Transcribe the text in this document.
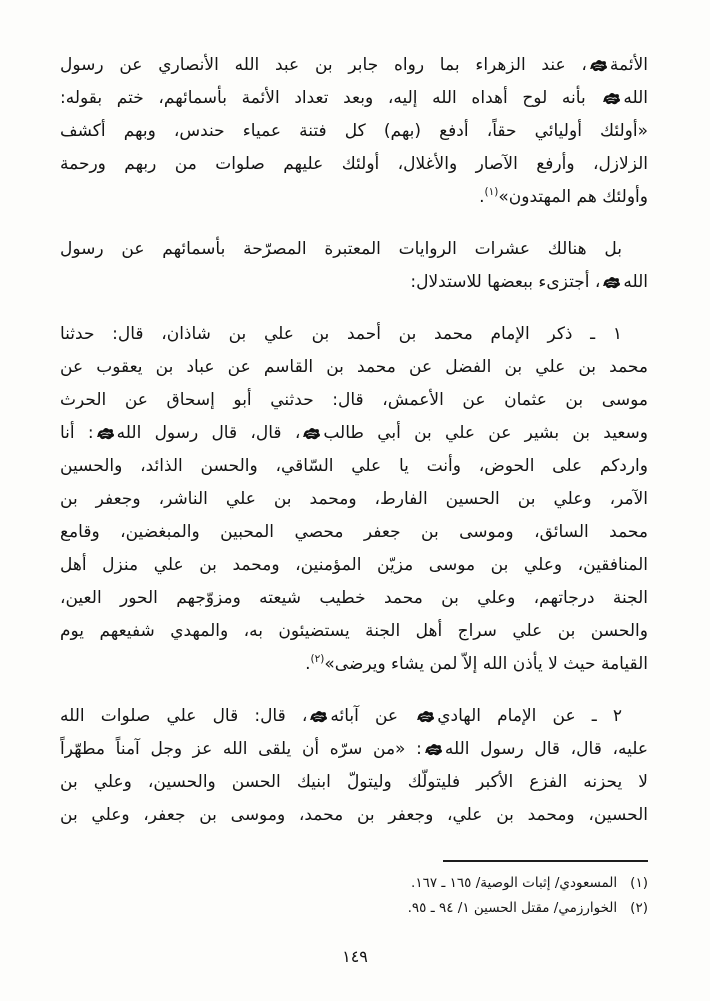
الأئمة
، عند الزهراء بما رواه جابر بن عبد الله الأنصاري عن رسول
الله
بأنه لوح أهداه الله إليه، وبعد تعداد الأئمة بأسمائهم، ختم بقوله:
«أولئك أوليائي حقاً، أدفع (بهم) كل فتنة عمياء حندس، وبهم أكشف
الزلازل، وأرفع الآصار والأغلال، أولئك عليهم صلوات من ربهم ورحمة
وأولئك هم المهتدون»$^{(١)}$.

بل هنالك عشرات الروايات المعتبرة المصرّحة بأسمائهم عن رسول
الله
، أجتزىء ببعضها للاستدلال:

١ ـ ذكر الإمام محمد بن أحمد بن علي بن شاذان، قال: حدثنا
محمد بن علي بن الفضل عن محمد بن القاسم عن عباد بن يعقوب عن
موسى بن عثمان عن الأعمش، قال: حدثني أبو إسحاق عن الحرث
وسعيد بن بشير عن علي بن أبي طالب
، قال، قال رسول الله
: أنا
واردكم على الحوض، وأنت يا علي السّاقي، والحسن الذائد، والحسين
الآمر، وعلي بن الحسين الفارط، ومحمد بن علي الناشر، وجعفر بن
محمد السائق، وموسى بن جعفر محصي المحبين والمبغضين، وقامع
المنافقين، وعلي بن موسى مزيّن المؤمنين، ومحمد بن علي منزل أهل
الجنة درجاتهم، وعلي بن محمد خطيب شيعته ومزوّجهم الحور العين،
والحسن بن علي سراج أهل الجنة يستضيئون به، والمهدي شفيعهم يوم
القيامة حيث لا يأذن الله إلاّ لمن يشاء ويرضى»$^{(٢)}$.

٢ ـ عن الإمام الهادي
عن آبائه
، قال: قال علي صلوات الله
عليه، قال، قال رسول الله
: «من سرّه أن يلقى الله عز وجل آمناً مطهّراً
لا يحزنه الفزع الأكبر فليتولّك وليتولّ ابنيك الحسن والحسين، وعلي بن
الحسين، ومحمد بن علي، وجعفر بن محمد، وموسى بن جعفر، وعلي بن

(١)
المسعودي/ إثبات الوصية/ ١٦٥ ـ ١٦٧.
(٢)
الخوارزمي/ مقتل الحسين ١/ ٩٤ ـ ٩٥.
١٤٩
